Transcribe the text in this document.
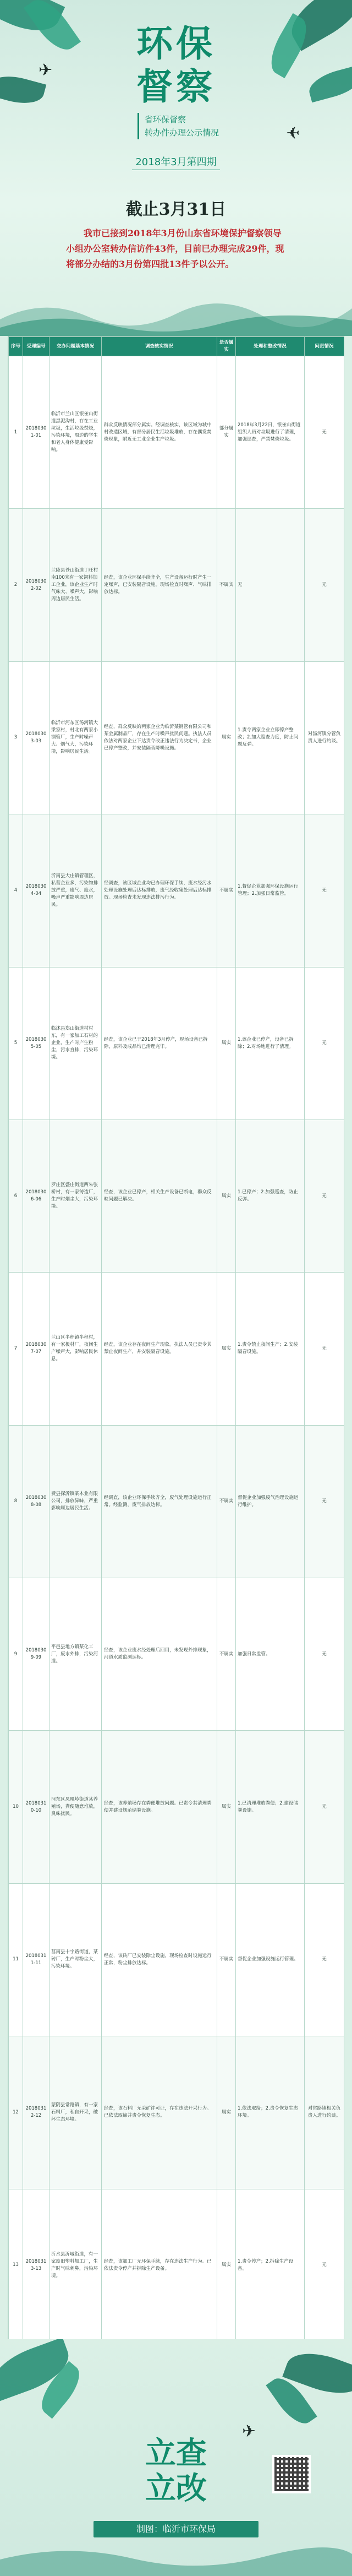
✈
✈
环保
督察
省环保督察
转办件办理公示情况
2018年3月第四期
截止3月31日
我市已接到2018年3月份山东省环境保护督察领导小组办公室转办信访件43件，目前已办理完成29件，现将部分办结的3月份第四批13件予以公开。
序号	受理编号	交办问题基本情况	调查核实情况	是否属实	处理和整改情况	问责情况
1	20180301-01	临沂市兰山区银雀山街道黑泥沟村，存在工业垃圾，生活垃圾焚烧，污染环境，周边的学生和老人身体健康受影响。	群众反映情况部分属实。经调查核实，该区域为城中村改造区域，有部分居民生活垃圾堆放，存在偶发焚烧现象，附近无工业企业生产垃圾。	部分属实	2018年3月22日，银雀山街道组织人员对垃圾进行了清理，加强巡查，严禁焚烧垃圾。	无
2	20180302-02	兰陵县苍山街道丁旺村南100米有一家饲料加工企业，该企业生产时气味大、噪声大，影响周边居民生活。	经查，该企业环保手续齐全，生产设备运行时产生一定噪声，已安装隔音设施。现场检查时噪声、气味排放达标。	不属实	无	无
3	20180303-03	临沂市河东区汤河镇大梁家村，村北有两家小钢管厂，生产时噪声大、烟气大，污染环境，影响居民生活。	经查，群众反映的两家企业为临沂某钢管有限公司和某金属制品厂，存在生产时噪声扰民问题。执法人员依法对两家企业下达责令改正违法行为决定书，企业已停产整改，并安装隔音降噪设施。	属实	1.责令两家企业立即停产整改；2.加大巡查力度，防止问题反弹。	对汤河镇分管负责人进行约谈。
4	20180304-04	沂南县大庄镇管理区，私营企业多，污染物排放严重，废气、废水，噪声严重影响周边居民。	经调查，该区域企业均已办理环保手续，废水经污水处理设施处理后达标排放，废气经收集处理后达标排放。现场检查未发现违法排污行为。	不属实	1.督促企业加强环保设施运行管理；2.加强日常监管。	无
5	20180305-05	临沭县郑山街道村村东，有一家加工石材的企业，生产时产生粉尘，污水直排，污染环境。	经查，该企业已于2018年3月停产，现场设备已拆除，原料及成品均已清理完毕。	属实	1.该企业已停产，设备已拆除；2.对场地进行了清理。	无
6	20180306-06	罗庄区盛庄街道西朱张桥村，有一家铸造厂，生产时烟尘大，污染环境。	经查，该企业已停产，相关生产设备已断电，群众反映问题已解决。	属实	1.已停产；2.加强巡查，防止反弹。	无
7	20180307-07	兰山区半程镇半程村，有一家板材厂，夜间生产噪声大，影响居民休息。	经查，该企业存在夜间生产现象。执法人员已责令其禁止夜间生产，并安装隔音设施。	属实	1.责令禁止夜间生产；2.安装隔音设施。	无
8	20180308-08	费县探沂镇某木业有限公司，排放异味，严重影响周边居民生活。	经调查，该企业环保手续齐全，废气处理设施运行正常。经监测，废气排放达标。	不属实	督促企业加强废气治理设施运行维护。	无
9	20180309-09	平邑县地方镇某化工厂，废水外排，污染河道。	经查，该企业废水经处理后回用，未发现外排现象，河道水质监测达标。	不属实	加强日常监管。	无
10	20180310-10	河东区凤凰岭街道某养殖场，粪便随意堆放，臭味扰民。	经查，该养殖场存在粪便堆放问题。已责令其清理粪便并建设规范储粪设施。	属实	1.已清理堆放粪便；2.建设储粪设施。	无
11	20180311-11	莒南县十字路街道，某砖厂，生产时粉尘大，污染环境。	经查，该砖厂已安装除尘设施，现场检查时设施运行正常，粉尘排放达标。	不属实	督促企业加强设施运行管理。	无
12	20180312-12	蒙阴县常路镇，有一家石料厂，私自开采，破坏生态环境。	经查，该石料厂无采矿许可证，存在违法开采行为。已依法取缔并责令恢复生态。	属实	1.依法取缔；2.责令恢复生态环境。	对常路镇相关负责人进行约谈。
13	20180313-13	沂水县沂城街道，有一家废旧塑料加工厂，生产时气味刺鼻，污染环境。	经查，该加工厂无环保手续，存在违法生产行为。已依法责令停产并拆除生产设备。	属实	1.责令停产；2.拆除生产设备。	无
✈
立查
立改
制图：临沂市环保局
